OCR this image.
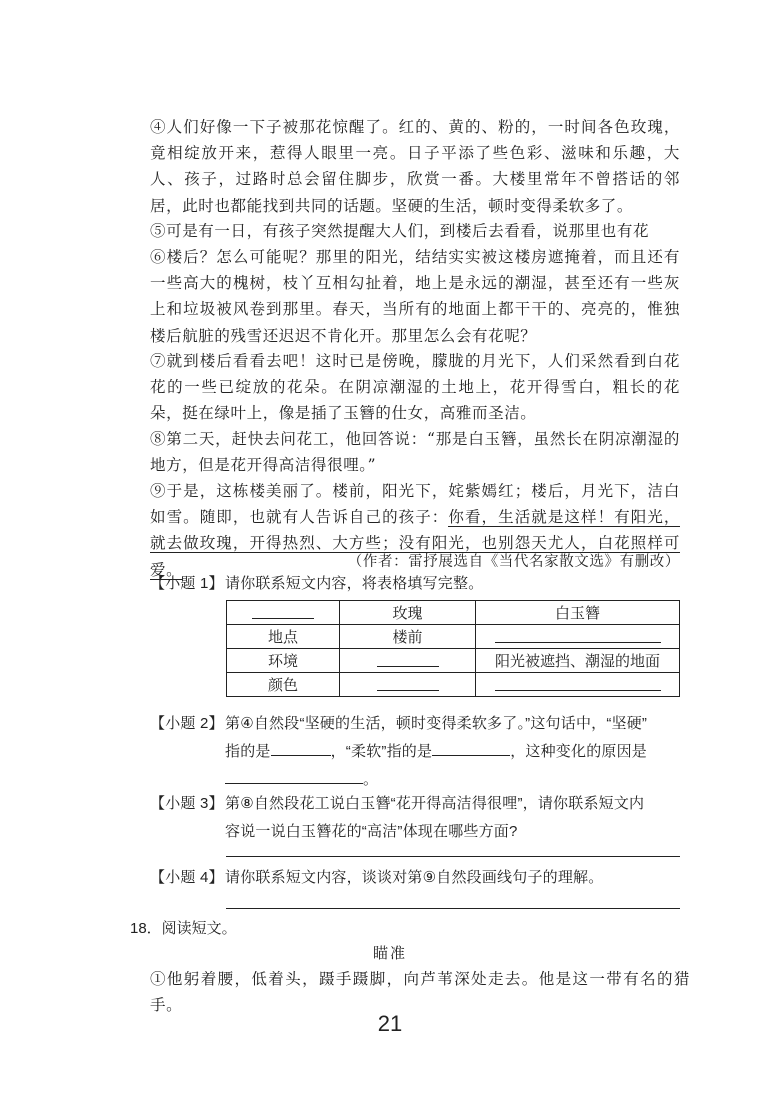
④人们好像一下子被那花惊醒了。红的、黄的、粉的，一时间各色玫瑰，竟相绽放开来，惹得人眼里一亮。日子平添了些色彩、滋味和乐趣，大人、孩子，过路时总会留住脚步，欣赏一番。大楼里常年不曾搭话的邻居，此时也都能找到共同的话题。坚硬的生活，顿时变得柔软多了。
⑤可是有一日，有孩子突然提醒大人们，到楼后去看看，说那里也有花
⑥楼后？怎么可能呢？那里的阳光，结结实实被这楼房遮掩着，而且还有一些高大的槐树，枝丫互相勾扯着，地上是永远的潮湿，甚至还有一些灰上和垃圾被风卷到那里。春天，当所有的地面上都干干的、亮亮的，惟独楼后航脏的残雪还迟迟不肯化开。那里怎么会有花呢？
⑦就到楼后看看去吧！这时已是傍晚，朦胧的月光下，人们采然看到白花花的一些已绽放的花朵。在阴凉潮湿的土地上，花开得雪白，粗长的花朵，挺在绿叶上，像是插了玉簪的仕女，高雅而圣洁。
⑧第二天，赶快去问花工，他回答说：“那是白玉簪，虽然长在阴凉潮湿的地方，但是花开得高洁得很哩。”
⑨于是，这栋楼美丽了。楼前，阳光下，姹紫嫣红；楼后，月光下，洁白如雪。随即，也就有人告诉自己的孩子：你看，生活就是这样！有阳光，就去做玫瑰，开得热烈、大方些；没有阳光，也别怨天尤人，白花照样可爱。	（作者：雷抒展选自《当代名家散文选》有删改）
【小题 1】 请你联系短文内容，将表格填写完整。
	玫瑰	白玉簪
地点	楼前	
环境		阳光被遮挡、潮湿的地面
颜色		
【小题 2】 第④自然段“坚硬的生活，顿时变得柔软多了。”这句话中，“坚硬”
指的是	，“柔软”指的是	，这种变化的原因是
。
【小题 3】 第⑧自然段花工说白玉簪“花开得高洁得很哩”，请你联系短文内
容说一说白玉簪花的“高洁”体现在哪些方面?
【小题 4】 请你联系短文内容，谈谈对第⑨自然段画线句子的理解。
18．阅读短文。
瞄准
①他躬着腰，低着头，蹑手蹑脚，向芦苇深处走去。他是这一带有名的猎手。
21
